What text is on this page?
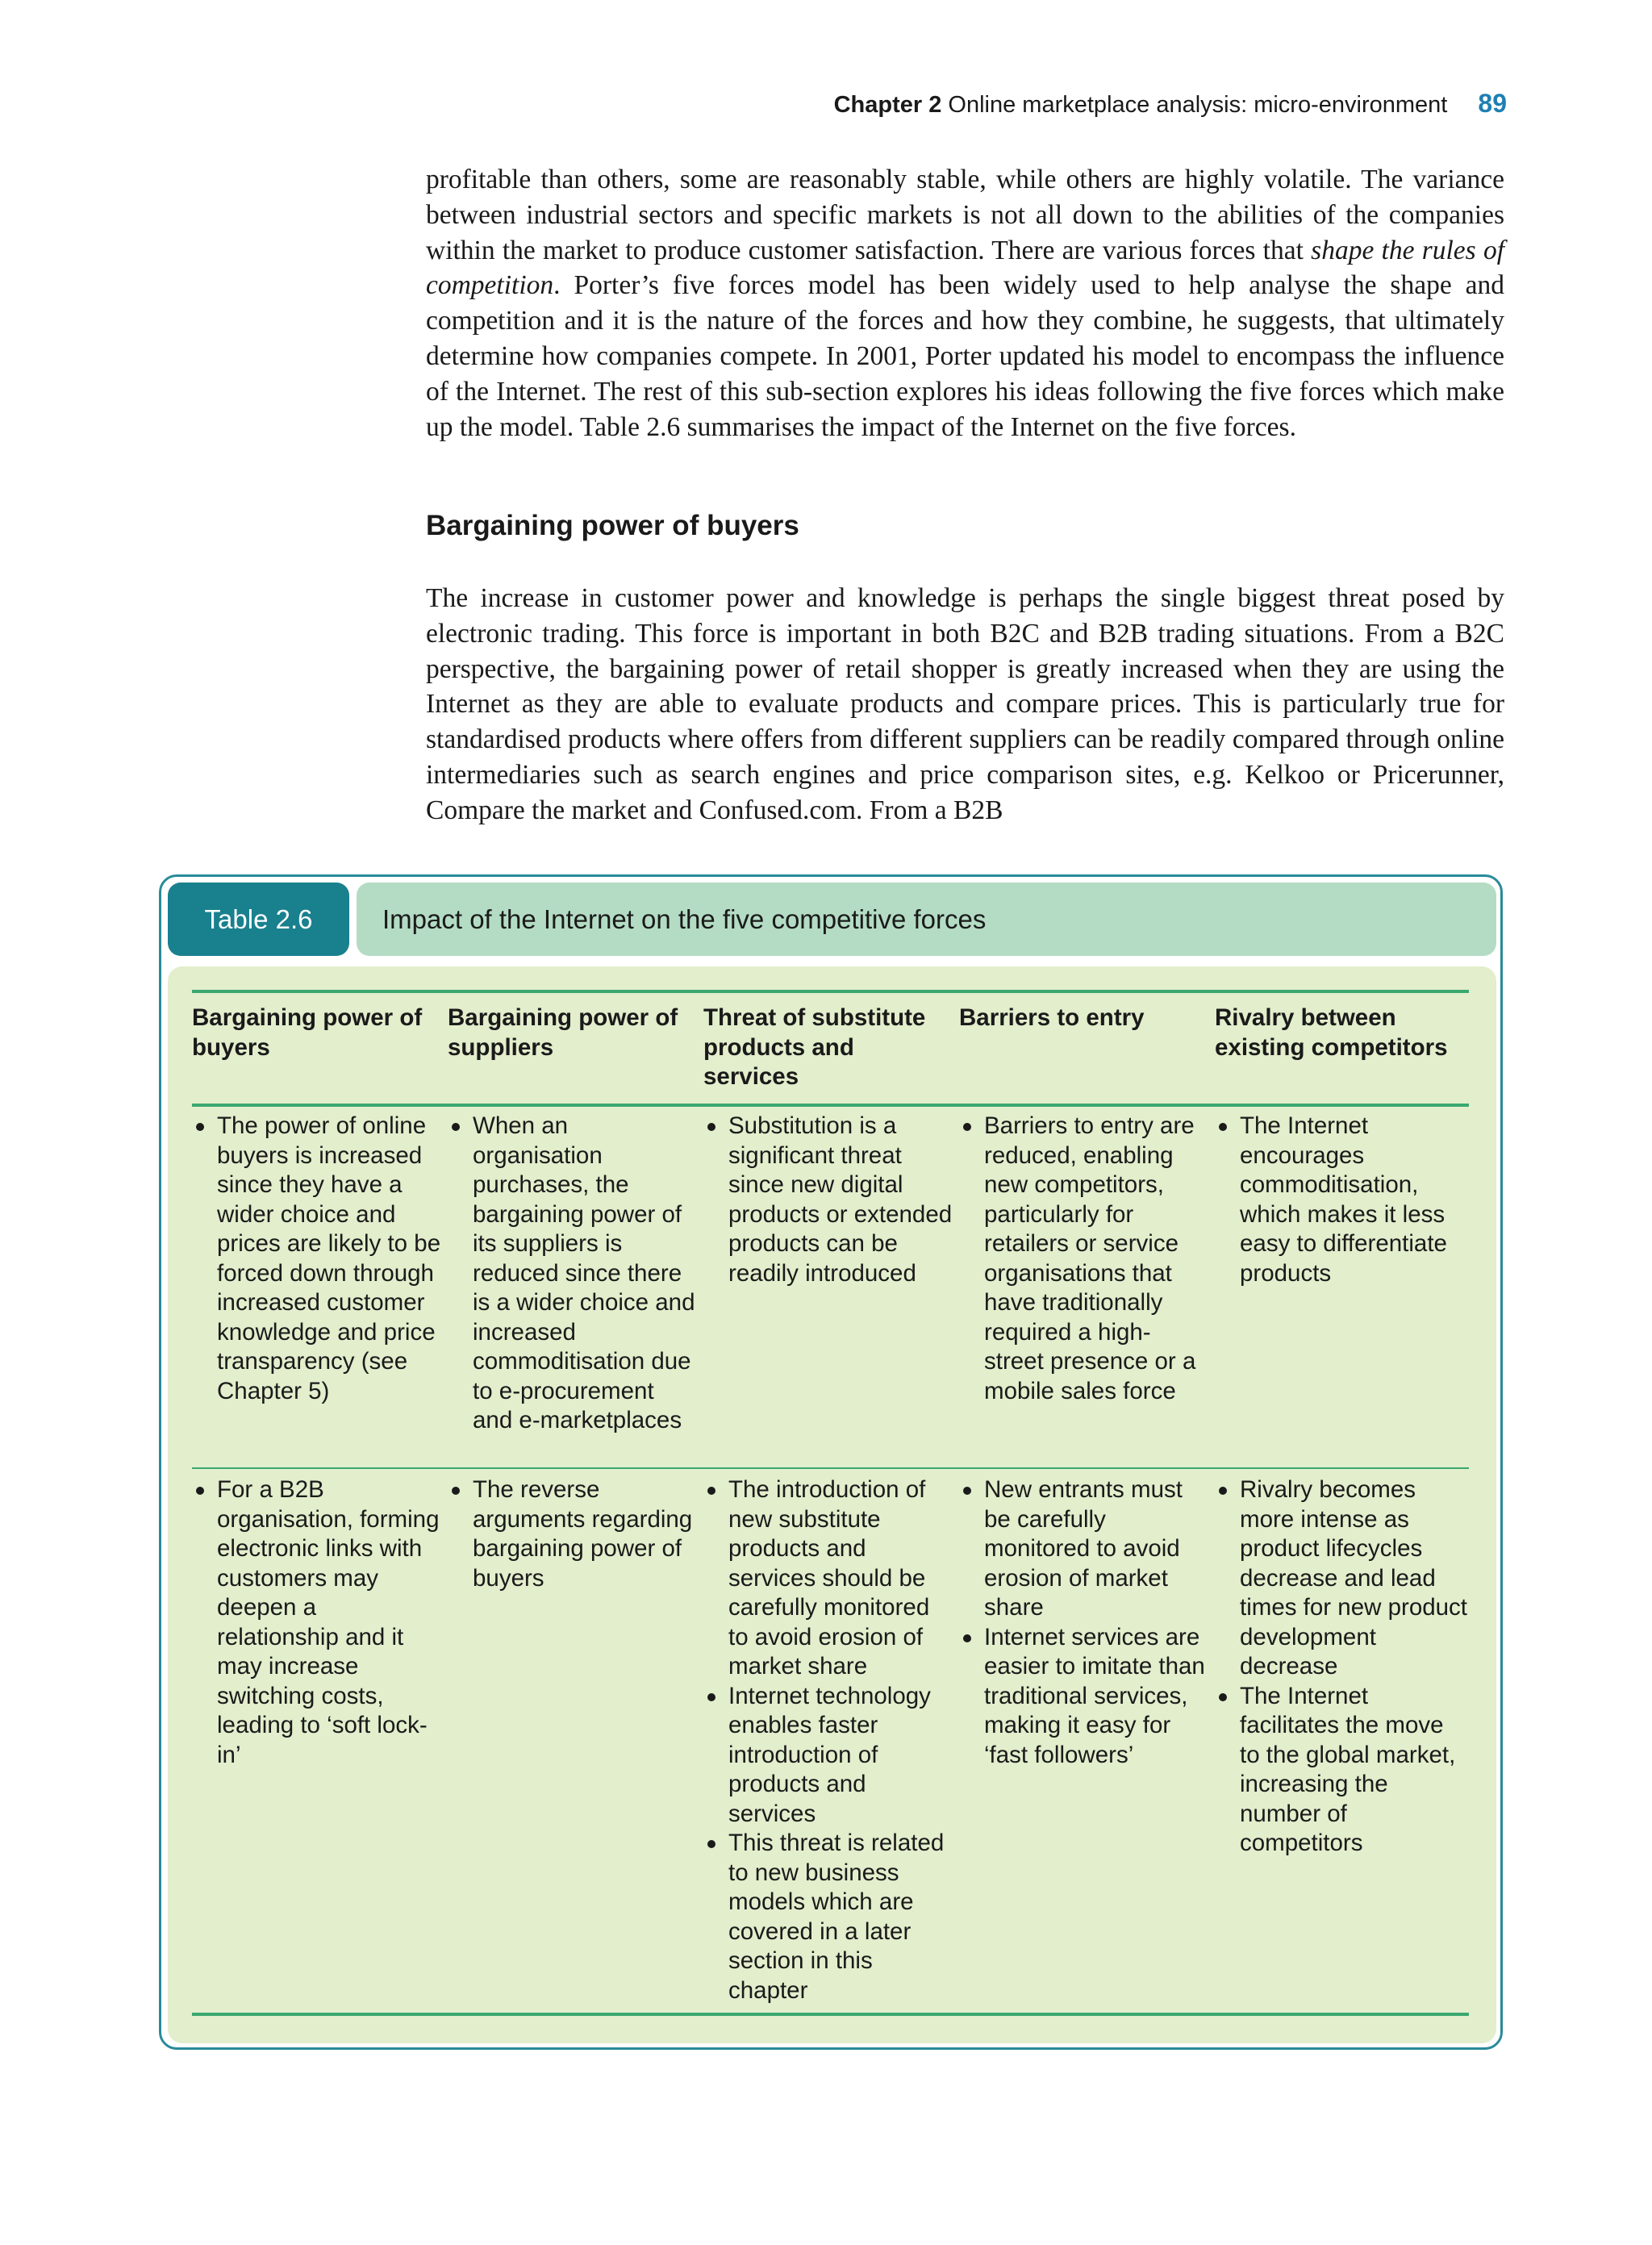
Chapter 2 Online marketplace analysis: micro-environment 89

profitable than others, some are reasonably stable, while others are highly volatile. The variance between industrial sectors and specific markets is not all down to the abilities of the companies within the market to produce customer satisfaction. There are various forces that shape the rules of competition. Porter’s five forces model has been widely used to help analyse the shape and competition and it is the nature of the forces and how they combine, he suggests, that ultimately determine how companies compete. In 2001, Porter updated his model to encompass the influence of the Internet. The rest of this sub-section explores his ideas following the five forces which make up the model. Table 2.6 summarises the impact of the Internet on the five forces.

Bargaining power of buyers

The increase in customer power and knowledge is perhaps the single biggest threat posed by electronic trading. This force is important in both B2C and B2B trading situations. From a B2C perspective, the bargaining power of retail shopper is greatly increased when they are using the Internet as they are able to evaluate products and compare prices. This is particularly true for standardised products where offers from different suppliers can be readily compared through online intermediaries such as search engines and price comparison sites, e.g. Kelkoo or Pricerunner, Compare the market and Confused.com. From a B2B

Table 2.6	Impact of the Internet on the five competitive forces
Bargaining power of buyers
Bargaining power of suppliers
Threat of substitute products and services
Barriers to entry	Rivalry between existing competitors
The power of online buyers is increased since they have a wider choice and prices are likely to be forced down through increased customer knowledge and price transparency (see Chapter 5)
When an organisation purchases, the bargaining power of its suppliers is reduced since there is a wider choice and increased commoditisation due to e-procurement and e-marketplaces
Substitution is a significant threat since new digital products or extended products can be readily introduced
Barriers to entry are reduced, enabling new competitors, particularly for retailers or service organisations that have traditionally required a high-street presence or a mobile sales force
The Internet encourages commoditisation, which makes it less easy to differentiate products
For a B2B organisation, forming electronic links with customers may deepen a relationship and it may increase switching costs, leading to ‘soft lock-in’
The reverse arguments regarding bargaining power of buyers
The introduction of new substitute products and services should be carefully monitored to avoid erosion of market share
Internet technology enables faster introduction of products and services
This threat is related to new business models which are covered in a later section in this chapter
New entrants must be carefully monitored to avoid erosion of market share
Internet services are easier to imitate than traditional services, making it easy for ‘fast followers’
Rivalry becomes more intense as product lifecycles decrease and lead times for new product development decrease
The Internet facilitates the move to the global market, increasing the number of competitors
